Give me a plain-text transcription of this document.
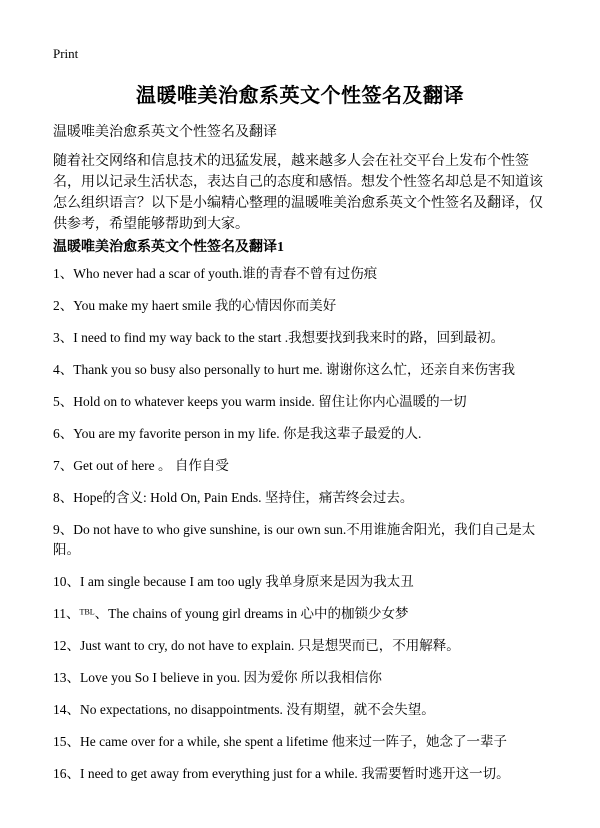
Print
温暖唯美治愈系英文个性签名及翻译
温暖唯美治愈系英文个性签名及翻译
随着社交网络和信息技术的迅猛发展，越来越多人会在社交平台上发布个性签名，用以记录生活状态，表达自己的态度和感悟。想发个性签名却总是不知道该怎么组织语言？以下是小编精心整理的温暖唯美治愈系英文个性签名及翻译，仅供参考，希望能够帮助到大家。
温暖唯美治愈系英文个性签名及翻译1

1、Who never had a scar of youth.谁的青春不曾有过伤痕

2、You make my haert smile 我的心情因你而美好

3、I need to find my way back to the start .我想要找到我来时的路，回到最初。

4、Thank you so busy also personally to hurt me. 谢谢你这么忙，还亲自来伤害我

5、Hold on to whatever keeps you warm inside. 留住让你内心温暖的一切

6、You are my favorite person in my life. 你是我这辈子最爱的人.

7、Get out of here 。 自作自受

8、Hope的含义: Hold On, Pain Ends. 坚持住，痛苦终会过去。

9、Do not have to who give sunshine, is our own sun.不用谁施舍阳光，我们自己是太阳。

10、I am single because I am too ugly 我单身原来是因为我太丑

11、ᵀᴮᴸ、The chains of young girl dreams in 心中的枷锁少女梦

12、Just want to cry, do not have to explain. 只是想哭而已，不用解释。

13、Love you So I believe in you. 因为爱你 所以我相信你

14、No expectations, no disappointments. 没有期望，就不会失望。

15、He came over for a while, she spent a lifetime 他来过一阵子，她念了一辈子

16、I need to get away from everything just for a while. 我需要暂时逃开这一切。
